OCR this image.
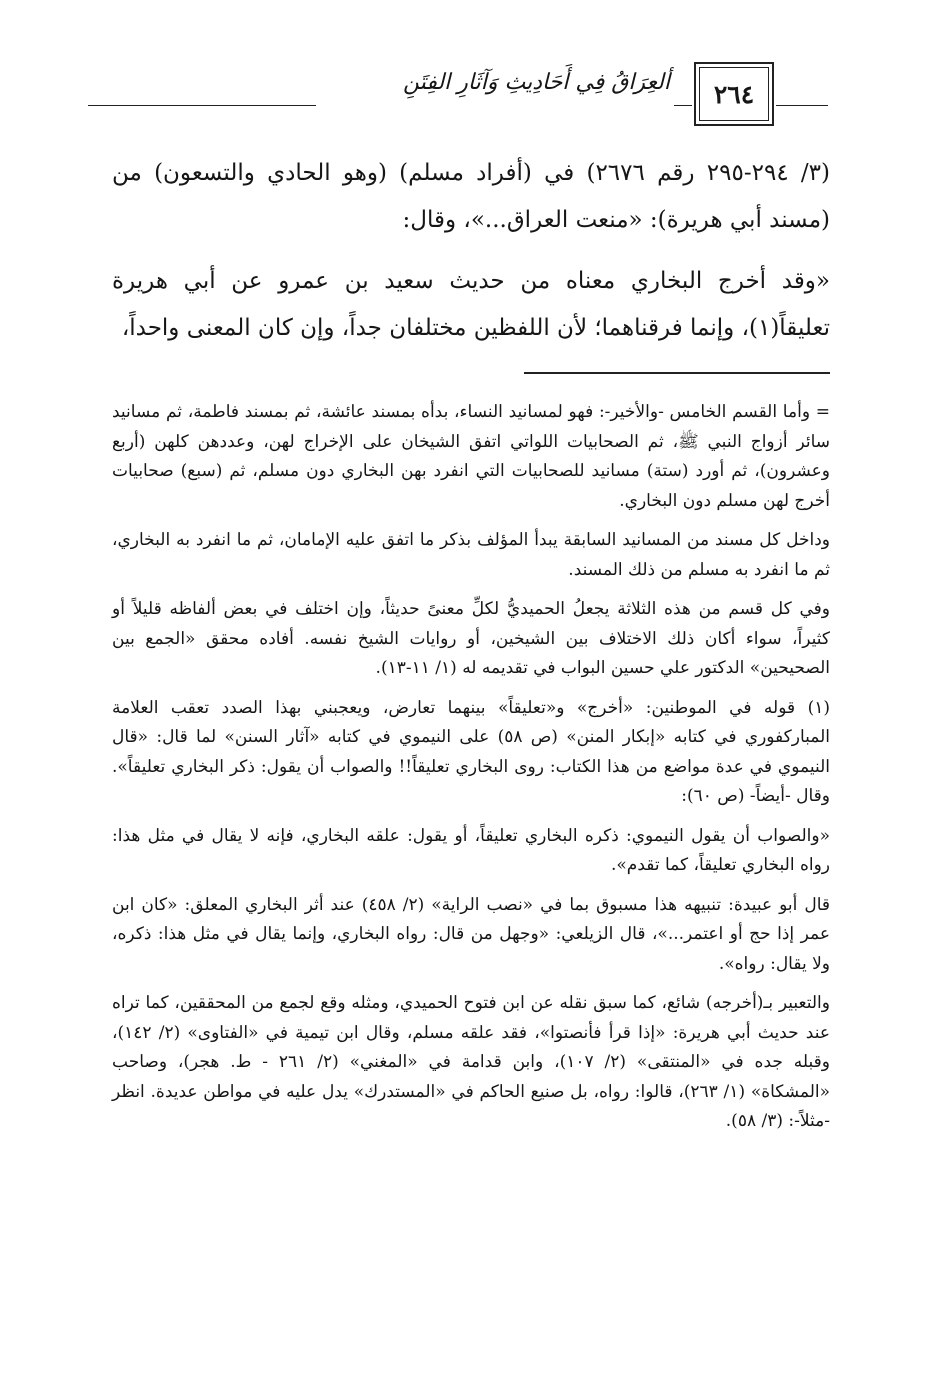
ألعِرَاقُ فِي أَحَادِيثِ وَآثَارِ الفِتَنِ	٢٦٤

(٣/ ٢٩٤-٢٩٥ رقم ٢٦٧٦) في (أفراد مسلم) (وهو الحادي والتسعون) من (مسند أبي هريرة): «منعت العراق...»، وقال:

«وقد أخرج البخاري معناه من حديث سعيد بن عمرو عن أبي هريرة تعليقاً(١)، وإنما فرقناهما؛ لأن اللفظين مختلفان جداً، وإن كان المعنى واحداً،

= وأما القسم الخامس -والأخير-: فهو لمسانيد النساء، بدأه بمسند عائشة، ثم بمسند فاطمة، ثم مسانيد سائر أزواج النبي ﷺ، ثم الصحابيات اللواتي اتفق الشيخان على الإخراج لهن، وعددهن كلهن (أربع وعشرون)، ثم أورد (ستة) مسانيد للصحابيات التي انفرد بهن البخاري دون مسلم، ثم (سبع) صحابيات أخرج لهن مسلم دون البخاري.

وداخل كل مسند من المسانيد السابقة يبدأ المؤلف بذكر ما اتفق عليه الإمامان، ثم ما انفرد به البخاري، ثم ما انفرد به مسلم من ذلك المسند.

وفي كل قسم من هذه الثلاثة يجعلُ الحميديُّ لكلِّ معنىً حديثاً، وإن اختلف في بعض ألفاظه قليلاً أو كثيراً، سواء أكان ذلك الاختلاف بين الشيخين، أو روايات الشيخ نفسه. أفاده محقق «الجمع بين الصحيحين» الدكتور علي حسين البواب في تقديمه له (١/ ١١-١٣).

(١) قوله في الموطنين: «أخرج» و«تعليقاً» بينهما تعارض، ويعجبني بهذا الصدد تعقب العلامة المباركفوري في كتابه «إبكار المنن» (ص ٥٨) على النيموي في كتابه «آثار السنن» لما قال: «قال النيموي في عدة مواضع من هذا الكتاب: روى البخاري تعليقاً!! والصواب أن يقول: ذكر البخاري تعليقاً». وقال -أيضاً- (ص ٦٠):

«والصواب أن يقول النيموي: ذكره البخاري تعليقاً، أو يقول: علقه البخاري، فإنه لا يقال في مثل هذا: رواه البخاري تعليقاً، كما تقدم».

قال أبو عبيدة: تنبيهه هذا مسبوق بما في «نصب الراية» (٢/ ٤٥٨) عند أثر البخاري المعلق: «كان ابن عمر إذا حج أو اعتمر...»، قال الزيلعي: «وجهل من قال: رواه البخاري، وإنما يقال في مثل هذا: ذكره، ولا يقال: رواه».

والتعبير بـ(أخرجه) شائع، كما سبق نقله عن ابن فتوح الحميدي، ومثله وقع لجمع من المحققين، كما تراه عند حديث أبي هريرة: «إذا قرأ فأنصتوا»، فقد علقه مسلم، وقال ابن تيمية في «الفتاوى» (٢/ ١٤٢)، وقبله جده في «المنتقى» (٢/ ١٠٧)، وابن قدامة في «المغني» (٢/ ٢٦١ - ط. هجر)، وصاحب «المشكاة» (١/ ٢٦٣)، قالوا: رواه، بل صنيع الحاكم في «المستدرك» يدل عليه في مواطن عديدة. انظر -مثلاً-: (٣/ ٥٨).
